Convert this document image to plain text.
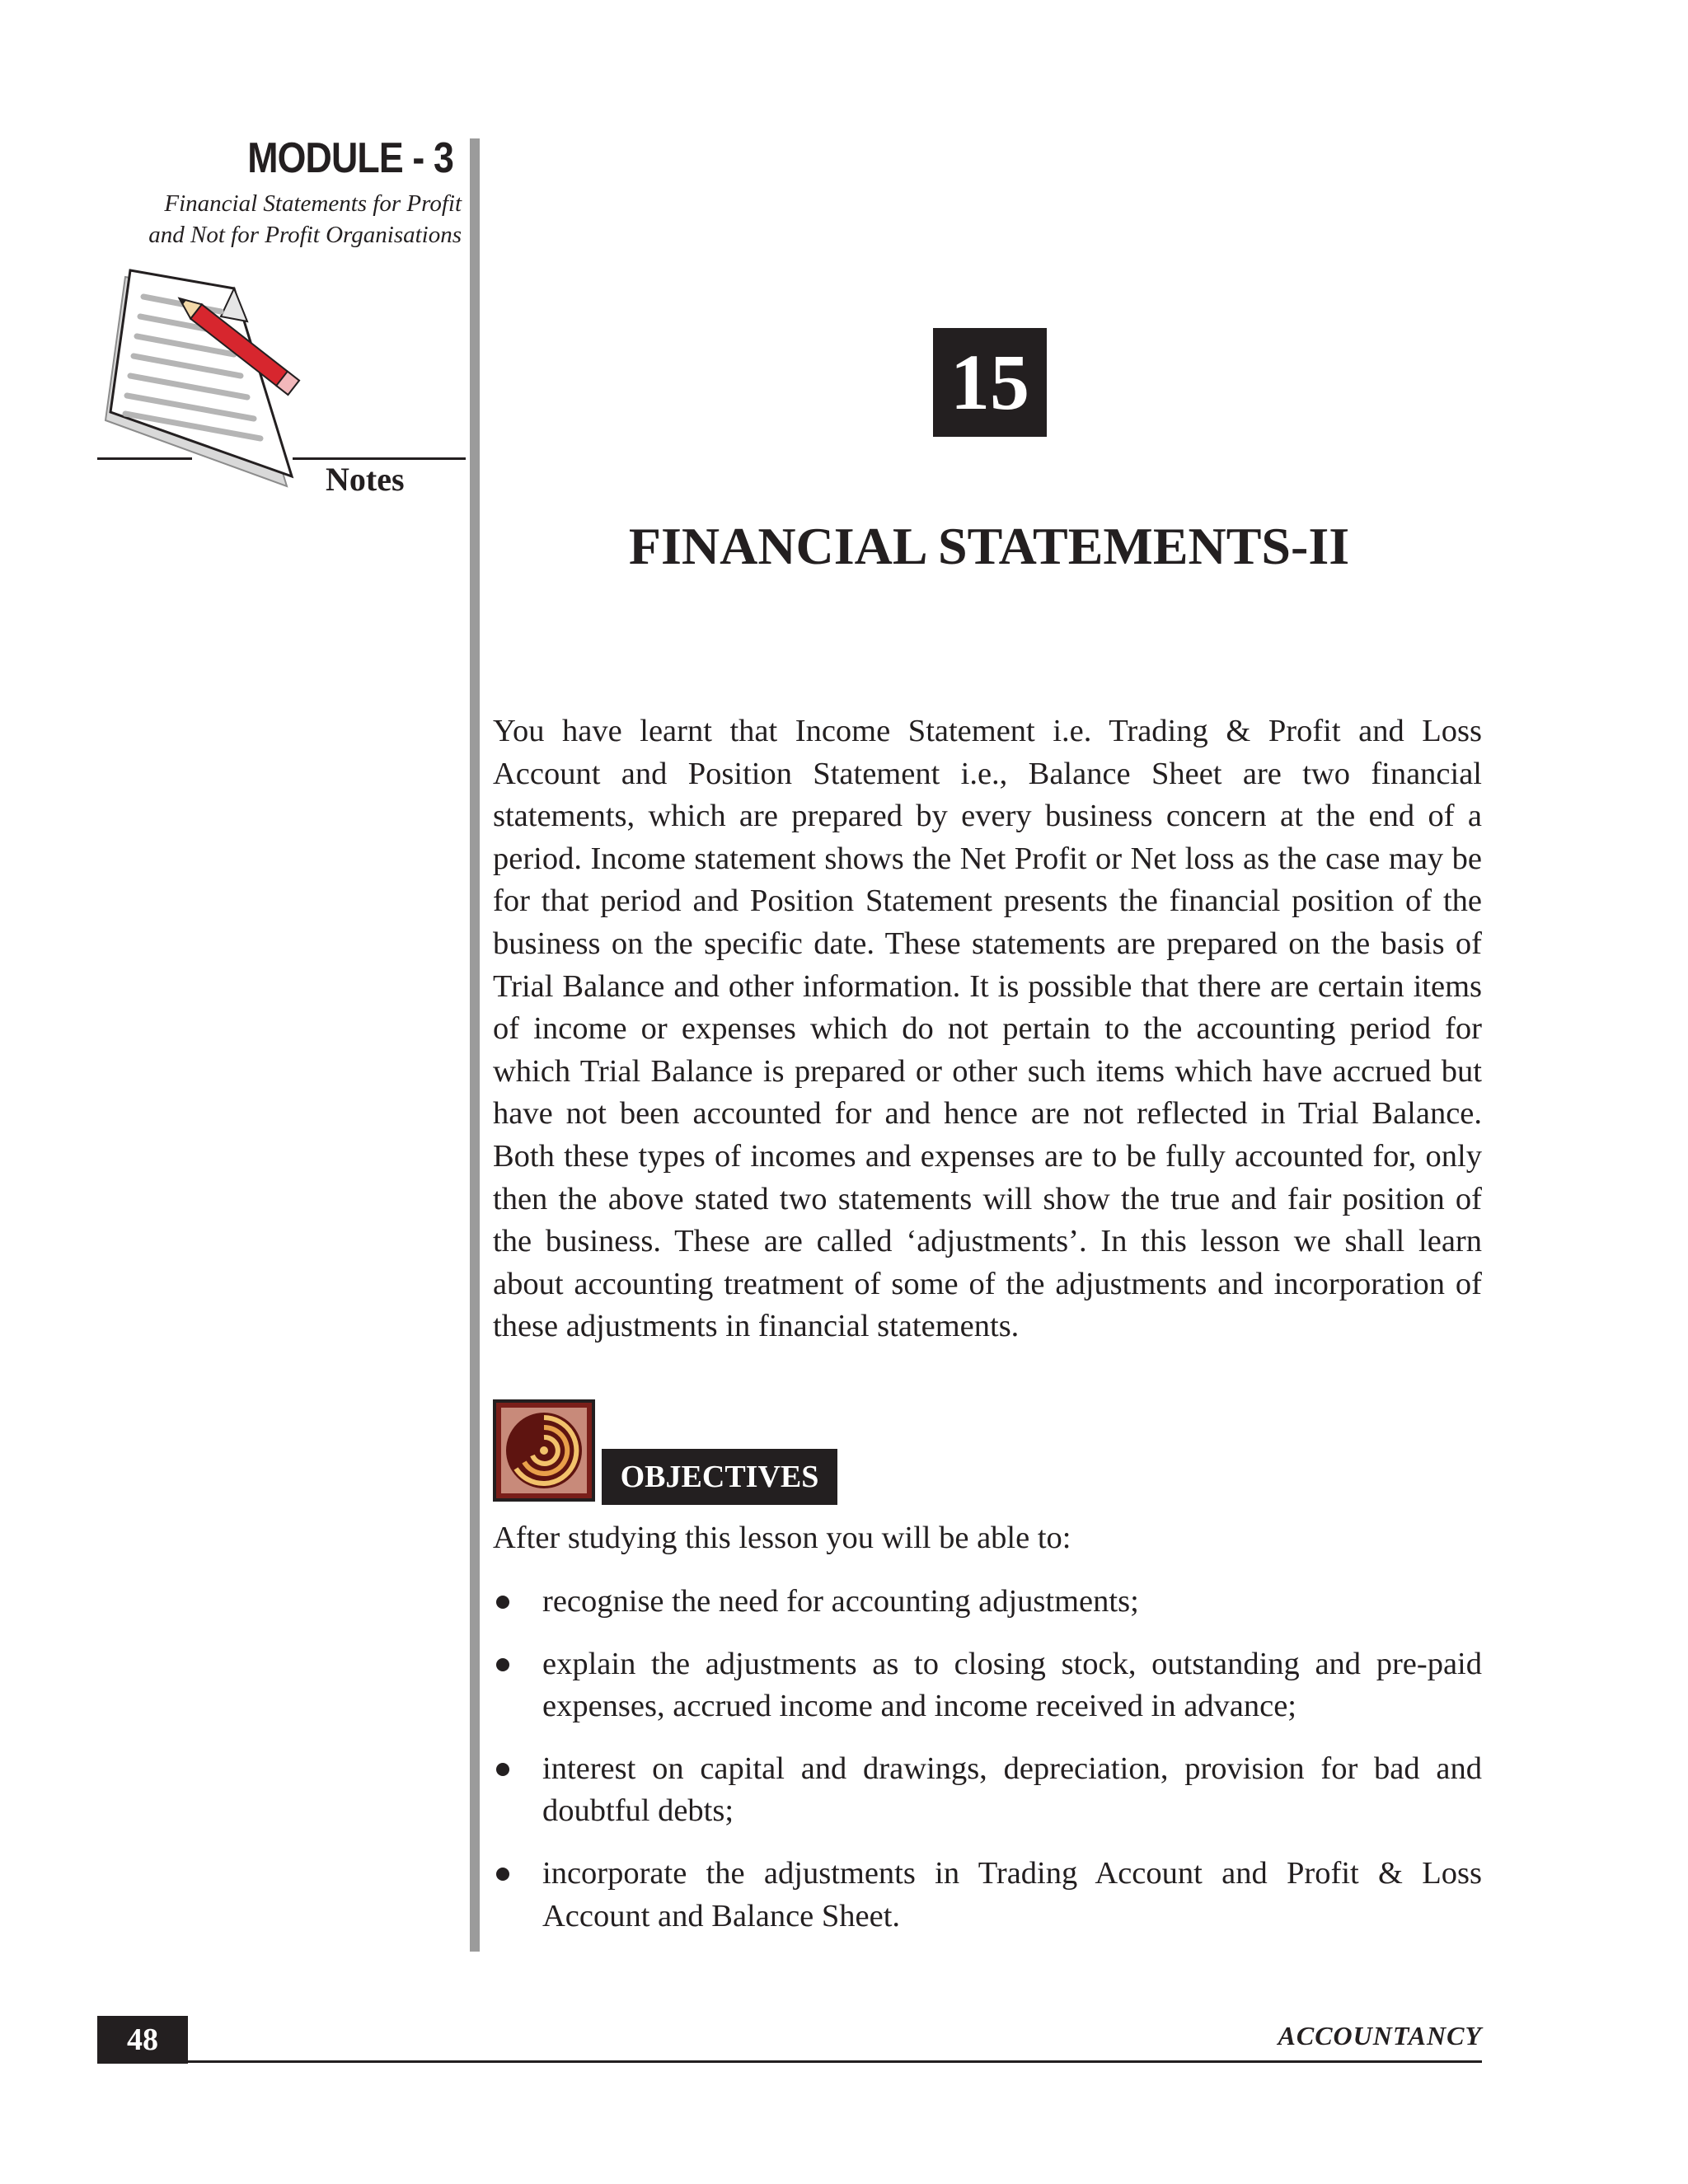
MODULE - 3
Financial Statements for Profit
and Not for Profit Organisations
Notes
15
FINANCIAL STATEMENTS-II
You have learnt that Income Statement i.e. Trading & Profit and Loss Account and Position Statement i.e., Balance Sheet are two financial statements, which are prepared by every business concern at the end of a period. Income statement shows the Net Profit or Net loss as the case may be for that period and Position Statement presents the financial position of the business on the specific date. These statements are prepared on the basis of Trial Balance and other information. It is possible that there are certain items of income or expenses which do not pertain to the accounting period for which Trial Balance is prepared or other such items which have accrued but have not been accounted for and hence are not reflected in Trial Balance. Both these types of incomes and expenses are to be fully accounted for, only then the above stated two statements will show the true and fair position of the business. These are called ‘adjustments’. In this lesson we shall learn about accounting treatment of some of the adjustments and incorporation of these adjustments in financial statements.
OBJECTIVES
After studying this lesson you will be able to:
recognise the need for accounting adjustments;
explain the adjustments as to closing stock, outstanding and pre-paid expenses, accrued income and income received in advance;
interest on capital and drawings, depreciation, provision for bad and doubtful debts;
incorporate the adjustments in Trading Account and Profit & Loss Account and Balance Sheet.
48	ACCOUNTANCY
